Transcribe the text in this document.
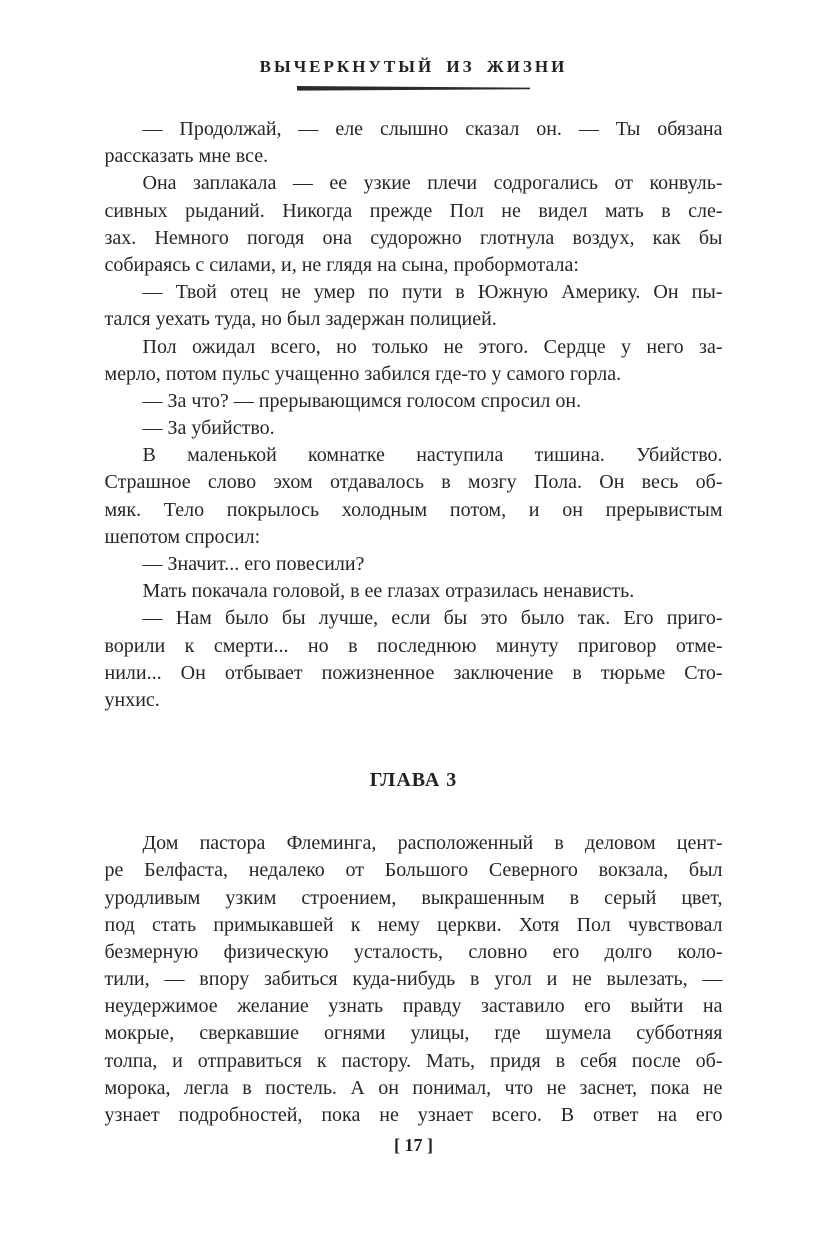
ВЫЧЕРКНУТЫЙ ИЗ ЖИЗНИ
— Продолжай, — еле слышно сказал он. — Ты обязана
рассказать мне все.
Она заплакала — ее узкие плечи содрогались от конвуль-
сивных рыданий. Никогда прежде Пол не видел мать в сле-
зах. Немного погодя она судорожно глотнула воздух, как бы
собираясь с силами, и, не глядя на сына, пробормотала:
— Твой отец не умер по пути в Южную Америку. Он пы-
тался уехать туда, но был задержан полицией.
Пол ожидал всего, но только не этого. Сердце у него за-
мерло, потом пульс учащенно забился где-то у самого горла.
— За что? — прерывающимся голосом спросил он.
— За убийство.
В маленькой комнатке наступила тишина. Убийство.
Страшное слово эхом отдавалось в мозгу Пола. Он весь об-
мяк. Тело покрылось холодным потом, и он прерывистым
шепотом спросил:
— Значит... его повесили?
Мать покачала головой, в ее глазах отразилась ненависть.
— Нам было бы лучше, если бы это было так. Его приго-
ворили к смерти... но в последнюю минуту приговор отме-
нили... Он отбывает пожизненное заключение в тюрьме Сто-
унхис.
ГЛАВА 3
Дом пастора Флеминга, расположенный в деловом цент-
ре Белфаста, недалеко от Большого Северного вокзала, был
уродливым узким строением, выкрашенным в серый цвет,
под стать примыкавшей к нему церкви. Хотя Пол чувствовал
безмерную физическую усталость, словно его долго коло-
тили, — впору забиться куда-нибудь в угол и не вылезать, —
неудержимое желание узнать правду заставило его выйти на
мокрые, сверкавшие огнями улицы, где шумела субботняя
толпа, и отправиться к пастору. Мать, придя в себя после об-
морока, легла в постель. А он понимал, что не заснет, пока не
узнает подробностей, пока не узнает всего. В ответ на его
[ 17 ]
